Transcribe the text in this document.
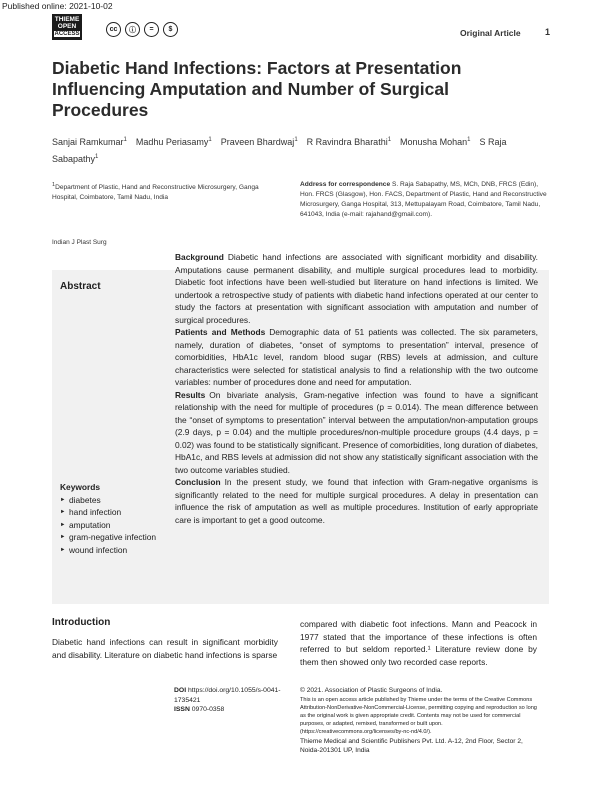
Published online: 2021-10-02
THIEME
OPEN
ACCESS
cc	ⓘ	=	$	Original Article	1
Diabetic Hand Infections: Factors at Presentation Influencing Amputation and Number of Surgical Procedures
Sanjai Ramkumar$^1$  Madhu Periasamy$^1$  Praveen Bhardwaj$^1$  R Ravindra Bharathi$^1$  Monusha Mohan$^1$  S Raja Sabapathy$^1$
$^1$Department of Plastic, Hand and Reconstructive Microsurgery, Ganga Hospital, Coimbatore, Tamil Nadu, India
Address for correspondence S. Raja Sabapathy, MS, MCh, DNB, FRCS (Edin), Hon. FRCS (Glasgow), Hon. FACS, Department of Plastic, Hand and Reconstructive Microsurgery, Ganga Hospital, 313, Mettupalayam Road, Coimbatore, Tamil Nadu, 641043, India (e-mail: rajahand@gmail.com).
Indian J Plast Surg
Abstract

Background Diabetic hand infections are associated with significant morbidity and disability. Amputations cause permanent disability, and multiple surgical procedures lead to morbidity. Diabetic foot infections have been well-studied but literature on hand infections is limited. We undertook a retrospective study of patients with diabetic hand infections operated at our center to study the factors at presentation with significant association with amputation and number of surgical procedures.

Patients and Methods Demographic data of 51 patients was collected. The six parameters, namely, duration of diabetes, “onset of symptoms to presentation” interval, presence of comorbidities, HbA1c level, random blood sugar (RBS) levels at admission, and culture characteristics were selected for statistical analysis to find a relationship with the two outcome variables: number of procedures done and need for amputation.

Results On bivariate analysis, Gram-negative infection was found to have a significant relationship with the need for multiple of procedures (p = 0.014). The mean difference between the “onset of symptoms to presentation” interval between the amputation/non-amputation groups (2.9 days, p = 0.04) and the multiple procedures/non-multiple procedure groups (4.4 days, p = 0.02) was found to be statistically significant. Presence of comorbidities, long duration of diabetes, HbA1c, and RBS levels at admission did not show any statistically significant association with the two outcome variables studied.

Conclusion In the present study, we found that infection with Gram-negative organisms is significantly related to the need for multiple surgical procedures. A delay in presentation can influence the risk of amputation as well as multiple procedures. Institution of early appropriate care is important to get a good outcome.

Keywords
► diabetes
► hand infection
► amputation
► gram-negative infection
► wound infection
Introduction
Diabetic hand infections can result in significant morbidity and disability. Literature on diabetic hand infections is sparse
compared with diabetic foot infections. Mann and Peacock in 1977 stated that the importance of these infections is often referred to but seldom reported.¹ Literature review done by them then showed only two recorded case reports.
DOI https://doi.org/10.1055/s-0041-1735421
ISSN 0970-0358
© 2021. Association of Plastic Surgeons of India.
This is an open access article published by Thieme under the terms of the Creative Commons Attribution-NonDerivative-NonCommercial-License, permitting copying and reproduction so long as the original work is given appropriate credit. Contents may not be used for commercial purposes, or adapted, remixed, transformed or built upon. (https://creativecommons.org/licenses/by-nc-nd/4.0/).
Thieme Medical and Scientific Publishers Pvt. Ltd. A-12, 2nd Floor, Sector 2, Noida-201301 UP, India
